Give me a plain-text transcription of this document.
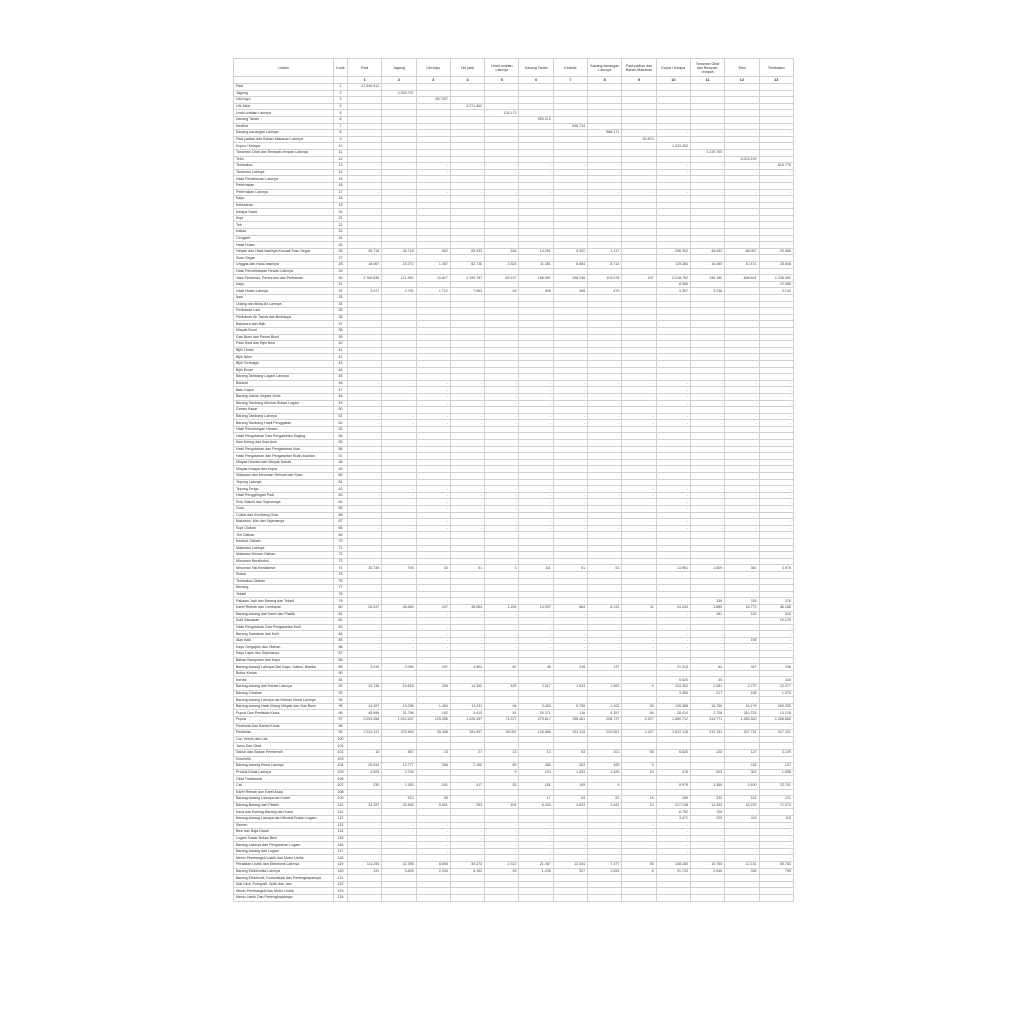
Uraian	Kode	Padi	Jagung	Ubi kayu	Ubi jalar	Umbi-umbian Lainnya	Kacang Tanah	Kedelai	Kacang-kacangan Lainnya	Padi-padian dan Bahan Makanan	Kopra / Kelapa	Tanaman Obat dan Rempah-rempah	Tebu	Tembakau
		1	2	3	4	5	6	7	8	9	10	11	12	13
Padi	1	21.545.912												
Jagung	2		4.029.797											
Ubi Kayu	3			457.207										
Ubi Jalar	4				3.271.462									
Umbi-umbian Lainnya	5					124.173								
Kacang Tanah	6						595.213							
Kedelai	7							538.714						
Kacang-kacangan Lainnya	8								886.171	-	-	-	-	-
Padi-padian dan Bahan Makanan Lainnya	9									50.874				
Kopra / Kelapa	10										1.043.452			
Tanaman Obat dan Rempah-rempah Lainnya	11											3.119.700		
Tebu	12												5.203.193	
Tembakau	13	-	-	-	-	-	-	-	-	-	-	-	-	818.778
Tanaman Lainnya	14	-	-	-	-	-	-	-	-	-	-	-	-	-
Hasil Perkebunan Lainnya	15													
Peternakan	16													
Peternakan Lainnya	17	-	-	-	-	-	-	-	-	-	-	-	-	-
Kayu	18													
Kehutanan	19													
Kelapa Sawit	20													
Kopi	21													
Teh	22													
Kakao	23													
Cengkeh	24													
Hasil Hutan	25													
Hewan dan Hasil-hasilnya Kecuali Susu Segar	26	35.718	26.718	532	65.333	534	14.251	5.302	1.117		236.302	46.052	66.067	20.066
Susu Segar	27													
Unggas dan Hasil-hasilnya	28	18.067	18.272	1.067	62.716	3.324	11.351	5.884	8.714		119.384	10.480	10.471	28.648
Hasil Pemeliharaan Hewan Lainnya	29													
Jasa Pertanian, Perburuan dan Perikanan	30	2.769.838	121.452	10.817	1.193.787	69.137	186.987	108.246	103.078	107	2.218.792	198.180	608.624	1.236.082
Kayu	31										6.966			22.086
Hasil Hutan Lainnya	32	3.017	2.792	1.712	7.063	28	398	365	475		3.357	2.236		3.132
Ikan	33													
Udang dan Biota Air Lainnya	34													
Perikanan Laut	35													
Perikanan Air Tawar dan Budidaya	36													
Batubara dan Bijih	37													
Minyak Bumi	38													
Gas Bumi dan Panas Bumi	39													
Pasir Besi dan Bijih Besi	40													
Bijih Timah	41													
Bijih Nikel	42													
Bijih Tembaga	43													
Bijih Emas	44													
Barang Tambang Logam Lainnya	45													
Bauksit	46	-	-	-	-	-	-	-	-	-	-	-	-	-
Batu Kapur	47	-	-	-	-	-	-	-	-	-	-	-	-	-
Barang Galian Segala Jenis	48	-	-	-	-	-	-	-	-	-	-	-	-	-
Barang Tambang Mineral Bukan Logam	49	-	-	-	-	-	-	-	-	-	-	-	-	-
Garam Kasar	50													
Barang Tambang Lainnya	51	-	-	-	-	-	-	-	-	-	-	-	-	-
Barang Tambang Hasil Penggalian	52	-	-	-	-	-	-	-	-	-	-	-	-	-
Hasil Pemotongan Hewan	53													
Hasil Pengolahan Dan Pengawetan Daging	54													
Ikan Kering dan Ikan Asin	55													
Hasil Pengolahan dan Pengawetan Ikan	56													
Hasil Pengolahan dan Pengawetan Buah-buahan	57													
Minyak Hewani dan Minyak Nabati	58													
Minyak Kelapa dan Kopra	59													
Makanan dan Minuman Terbuat dari Susu	60													
Tepung Lainnya	61													
Tepung Terigu	62	-	-	-	-	-	-	-	-	-	-	-	-	-
Hasil Penggilingan Padi	63	-	-	-	-	-	-	-	-	-	-	-	-	-
Roti, Biskuit dan Sejenisnya	64	-	-	-	-	-	-	-	-	-	-	-	-	-
Gula	65	-	-	-	-	-	-	-	-	-	-	-	-	-
Coklat dan Kembang Gula	66													
Makaroni, Mie dan Sejenisnya	67	-	-	-	-	-	-	-	-	-	-	-	-	-
Kopi Olahan	68	-	-	-	-	-	-	-	-	-	-	-	-	-
Teh Olahan	69													
Kedelai Olahan	70													
Makanan Lainnya	71													
Makanan Hewan Olahan	72													
Minuman Beralkohol	73													
Minuman Tak Beralkohol	74	35.738	705	33	51	3	111	51	51		13.961	1.609	351	3.975
Rokok	75													
Tembakau Olahan	76													
Benang	77													
Tekstil	78													
Pakaian Jadi dan Barang dari Tekstil	79	-	-	-	-	-	-	-	-	-	-	339	376	376
Karet Remah dan Lembaran	80	26.247	46.654	247	48.064	1.254	14.937	884	6.131	11	44.434	3.889	16.773	46.168
Barang-barang dari Karet dan Plastik	81	-	-	-	-	-	-	-	-	-	-	181	132	318
Kulit Samakan	82													19.129
Hasil Pengolahan Dan Pengawetan Kulit	83	-	-	-	-	-	-	-	-	-	-	-	-	-
Barang Samakan dari Kulit	84	-	-	-	-	-	-	-	-	-	-	-	-	-
Alas Kaki	85	-	-	-	-	-	-	-	-	-	-	-	195	-
Kayu Gergajian dan Olahan	86	-	-	-	-	-	-	-	-	-	-	-	-	-
Kayu Lapis dan Sejenisnya	87													
Bahan Bangunan dari Kayu	88													
Barang-barang Lainnya Dari Kayu, Gabus, Bambu	89	3.015	2.094	107	4.504	62	46	245	137		21.313	64	327	246
Bubur Kertas	90													
Kertas	91										5.620	30		116
Barang-barang dari Kertas Lainnya	92	15.736	10.618	308	14.302	493	3.317	1.943	1.963	9	243.302	3.081	2.770	23.077
Barang Cetakan	93										3.365	217	106	1.375
Barang-barang Lainnya dari Bahan Kimia Lainnya	94													
Barang-barang Hasil Kilang Minyak dan Gas Bumi	95	14.357	19.296	1.454	13.311	94	3.454	5.755	1.102	38	126.386	16.750	15.179	263.335
Pupuk Dan Pestisida Kimia	96	45.596	31.796	152	3.415	51	25.371	116	6.357	54	28.414	2.728	310.725	13.128
Pupuk	97	2.094.358	1.010.437	125.356	1.026.357	74.377	275.617	198.461	208.737	2.927	1.860.712	514.771	1.265.300	1.268.868
Pestisida Dan Bahan Kimia	98	-	-	-	-	-	-	-	-	-	-	-	-	-
Pestisida	99	1.234.137	223.849	39.358	191.997	28.051	145.856	151.113	223.557	2.427	2.812.118	213.151	437.731	317.321
Cat, Vernis dan Lak	100													
Jamu Dan Obat	101													
Sabun dan Bahan Pembersih	102	16	857	15	27	13	13	63	101	55	6.620	126	127	3.109
Kosmetik	103													
Barang-barang Kimia Lainnya	104	25.934	10.777	358	2.190	65	383	263	455	9			118	137
Produk Kimia Lainnya	105	4.593	2.700			9	224	1.353	1.420	10	378	903	302	1.838
Obat Tradisional	106													
Cat	107	230	1.393	241	417	53	151	109	9		9.979	3.365	2.400	22.791
Karet Remah dan Karet Asap	108													
Barang-barang Lainnya dari Karet	109		513	55			17	53	53	14	190	332	131	121
Barang-Barang dari Plastik	110	33.397	20.895	5.691	263	494	6.343	4.823	1.941	10	217.138	12.352	18.376	71.074
Kaca dan Barang-Barang dari Kaca	111										6.752	700		
Barang-barang Lainnya dari Mineral Bukan Logam	112										3.471	329	119	115
Semen	113	-	-	-	-	-	-	-	-	-	-	-	-	-
Besi dan Baja Dasar	114	-	-	-	-	-	-	-	-	-	-	-	-	-
Logam Dasar Bukan Besi	115	-	-	-	-	-	-	-	-	-	-	-	-	-
Barang Lainnya dari Pengolahan Logam	116	-	-	-	-	-	-	-	-	-	-	-	-	-
Barang-barang dari Logam	117	-	-	-	-	-	-	-	-	-	-	-	-	-
Mesin Pembangkit Listrik dan Motor Listrik	118	-	-	-	-	-	-	-	-	-	-	-	-	-
Peralatan Listrik dan Elektronik Lainnya	119	111.254	42.396	6.898	50.373	2.313	21.467	12.454	7.377	55	108.180	10.750	12.131	45.753
Barang Elektronika Lainnya	120	131	3.825	2.293	6.152	53	1.235	327	1.533	8	31.743	2.545	336	795
Barang Elektronik, Komunikasi dan Perlengkapannya	121													
Alat Ukur, Fotografi, Optik dan Jam	122													
Mesin Pembangkit Dan Motor Listrik	123													
Mesin Listrik Dan Perlengkapannya	124													
